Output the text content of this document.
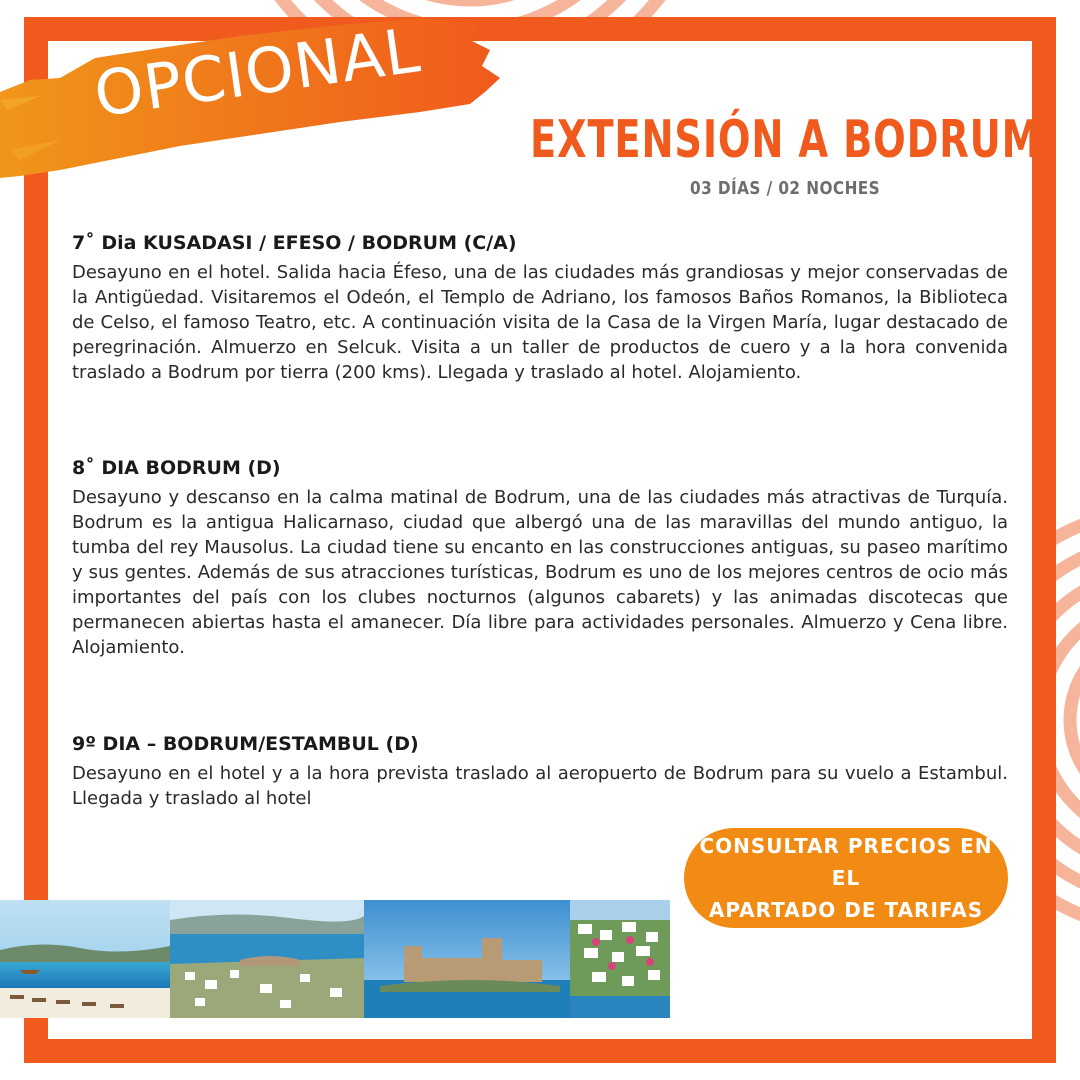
OPCIONAL
EXTENSIÓN A BODRUM
03 DÍAS / 02 NOCHES
7˚ Dia KUSADASI / EFESO / BODRUM (C/A)

Desayuno en el hotel. Salida hacia Éfeso, una de las ciudades más grandiosas y mejor conservadas de la Antigüedad. Visitaremos el Odeón, el Templo de Adriano, los famosos Baños Romanos, la Biblioteca de Celso, el famoso Teatro, etc. A continuación visita de la Casa de la Virgen María, lugar destacado de peregrinación. Almuerzo en Selcuk. Visita a un taller de productos de cuero y a la hora convenida traslado a Bodrum por tierra (200 kms). Llegada y traslado al hotel. Alojamiento.

8˚ DIA BODRUM (D)

Desayuno y descanso en la calma matinal de Bodrum, una de las ciudades más atractivas de Turquía. Bodrum es la antigua Halicarnaso, ciudad que albergó una de las maravillas del mundo antiguo, la tumba del rey Mausolus. La ciudad tiene su encanto en las construcciones antiguas, su paseo marítimo y sus gentes. Además de sus atracciones turísticas, Bodrum es uno de los mejores centros de ocio más importantes del país con los clubes nocturnos (algunos cabarets) y las animadas discotecas que permanecen abiertas hasta el amanecer. Día libre para actividades personales. Almuerzo y Cena libre. Alojamiento.

9º DIA – BODRUM/ESTAMBUL (D)

Desayuno en el hotel y a la hora prevista traslado al aeropuerto de Bodrum para su vuelo a Estambul. Llegada y traslado al hotel

CONSULTAR PRECIOS EN EL
APARTADO DE TARIFAS
